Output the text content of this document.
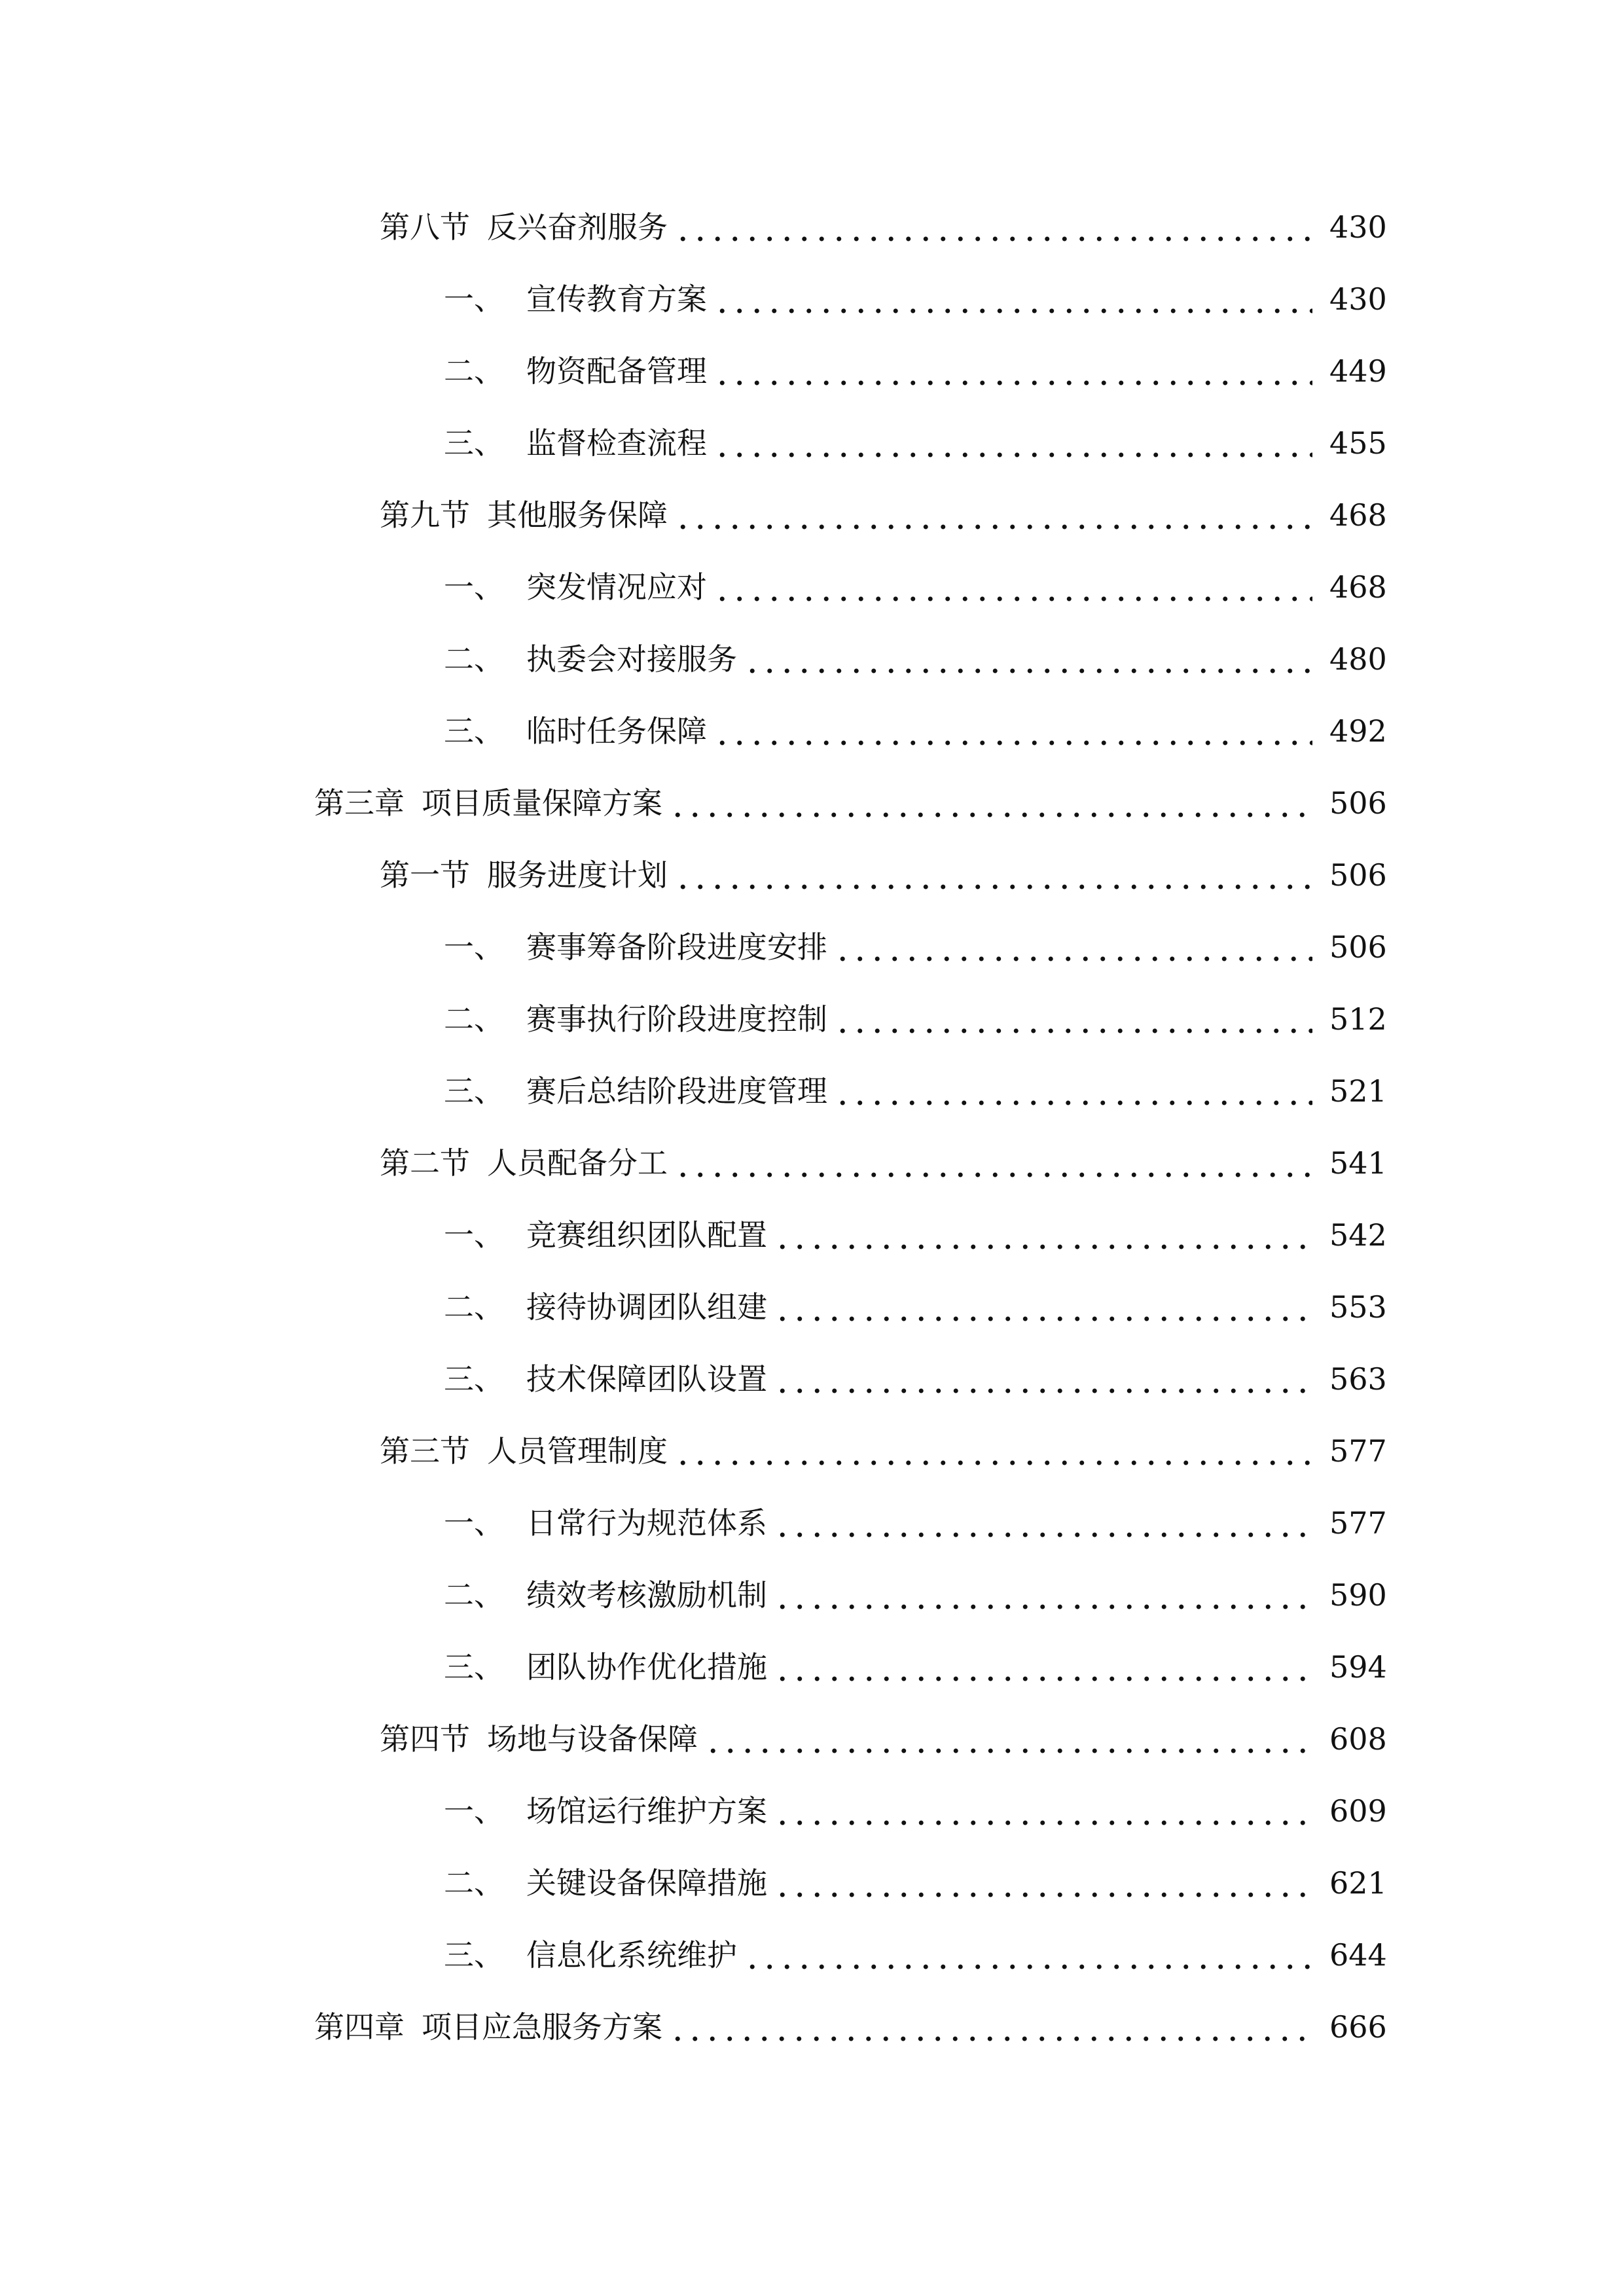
第八节 反兴奋剂服务	430
一、 宣传教育方案	430
二、 物资配备管理	449
三、 监督检查流程	455
第九节 其他服务保障	468
一、 突发情况应对	468
二、 执委会对接服务	480
三、 临时任务保障	492
第三章 项目质量保障方案	506
第一节 服务进度计划	506
一、 赛事筹备阶段进度安排	506
二、 赛事执行阶段进度控制	512
三、 赛后总结阶段进度管理	521
第二节 人员配备分工	541
一、 竞赛组织团队配置	542
二、 接待协调团队组建	553
三、 技术保障团队设置	563
第三节 人员管理制度	577
一、 日常行为规范体系	577
二、 绩效考核激励机制	590
三、 团队协作优化措施	594
第四节 场地与设备保障	608
一、 场馆运行维护方案	609
二、 关键设备保障措施	621
三、 信息化系统维护	644
第四章 项目应急服务方案	666
